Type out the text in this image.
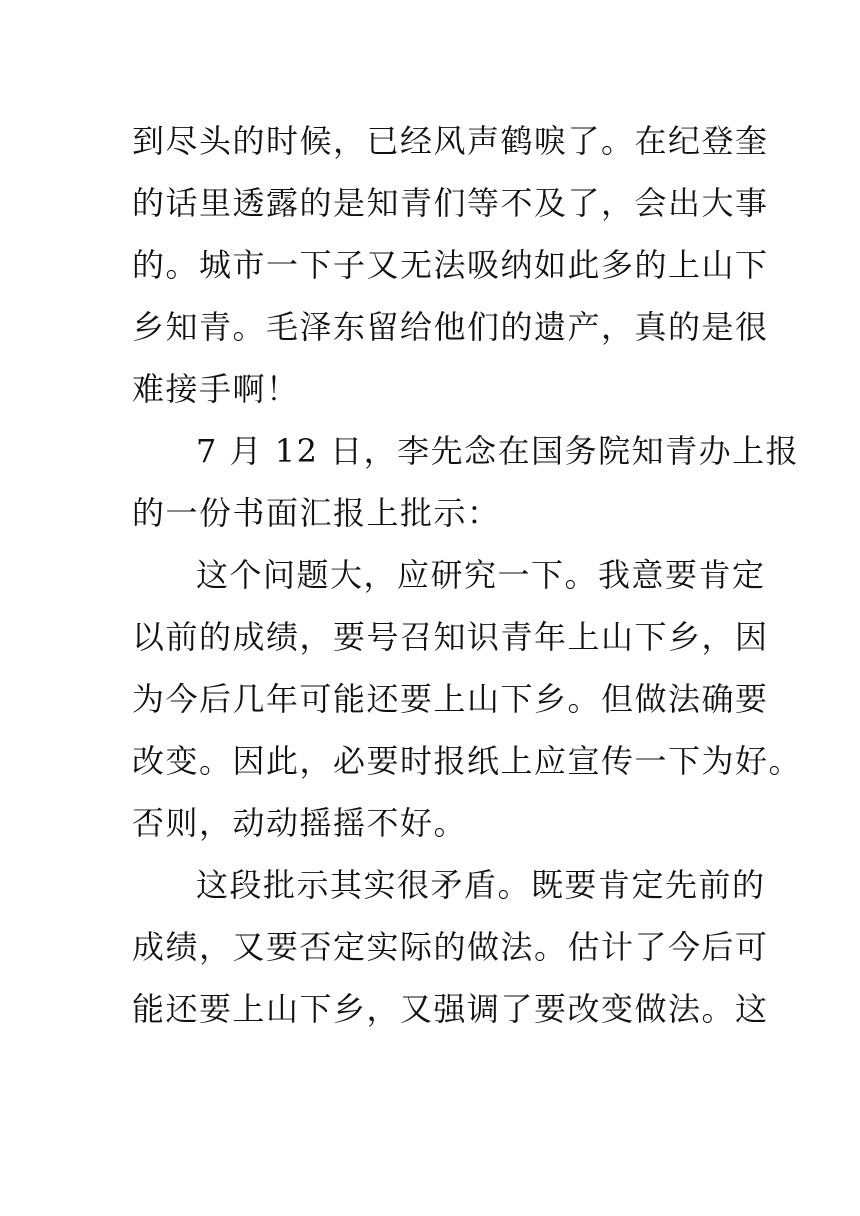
到尽头的时候，已经风声鹤唳了。在纪登奎
的话里透露的是知青们等不及了，会出大事
的。城市一下子又无法吸纳如此多的上山下
乡知青。毛泽东留给他们的遗产，真的是很
难接手啊！
7 月 12 日，李先念在国务院知青办上报
的一份书面汇报上批示：
这个问题大，应研究一下。我意要肯定
以前的成绩，要号召知识青年上山下乡，因
为今后几年可能还要上山下乡。但做法确要
改变。因此，必要时报纸上应宣传一下为好。
否则，动动摇摇不好。
这段批示其实很矛盾。既要肯定先前的
成绩，又要否定实际的做法。估计了今后可
能还要上山下乡，又强调了要改变做法。这
